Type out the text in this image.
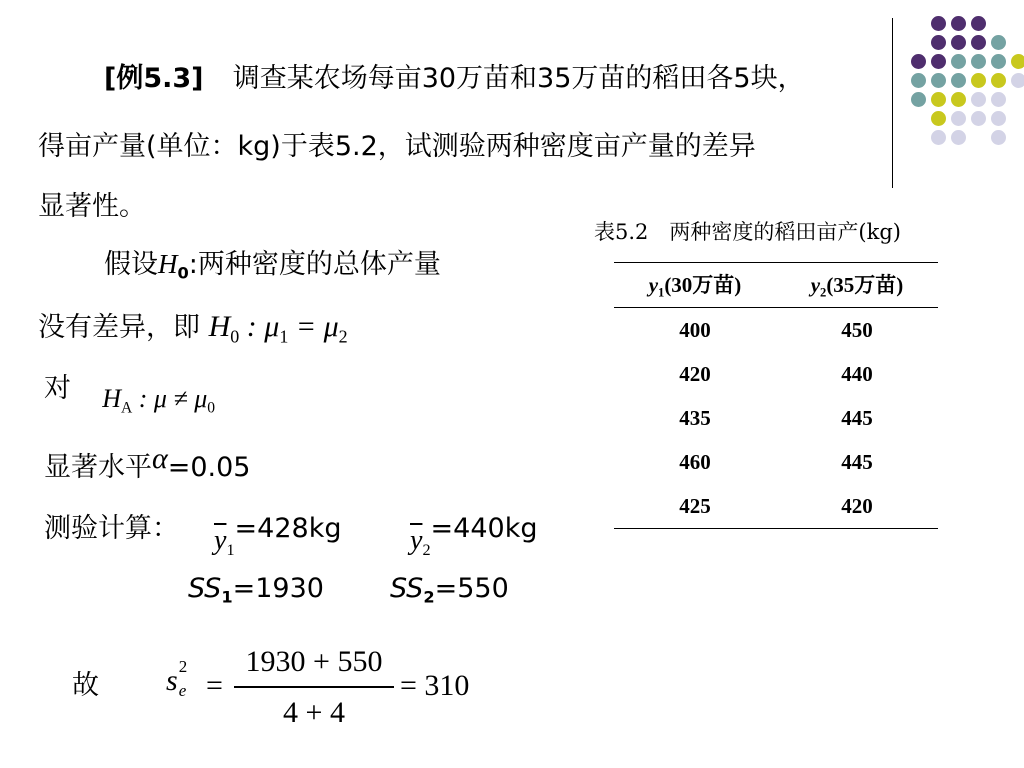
[例5.3] 调查某农场每亩30万苗和35万苗的稻田各5块，
得亩产量(单位：kg)于表5.2，试测验两种密度亩产量的差异
显著性。
假设$H_0$:两种密度的总体产量
没有差异，即 $H_0$ : $\mu_1 = \mu_2$
对 $H_A$ : $\mu \ne \mu_0$
显著水平α=0.05
测验计算： $\overline{y}_1=428kg$ $\overline{y}_2=440kg$
$SS_1=1930$ $SS_2=550$
故 s 2
e =
1930 + 550
4 + 4
= 310
表5.2　两种密度的稻田亩产(kg)
$y_1(30$万苗)	$y_2(35$万苗)
400	450
420	440
435	445
460	445
425	420
